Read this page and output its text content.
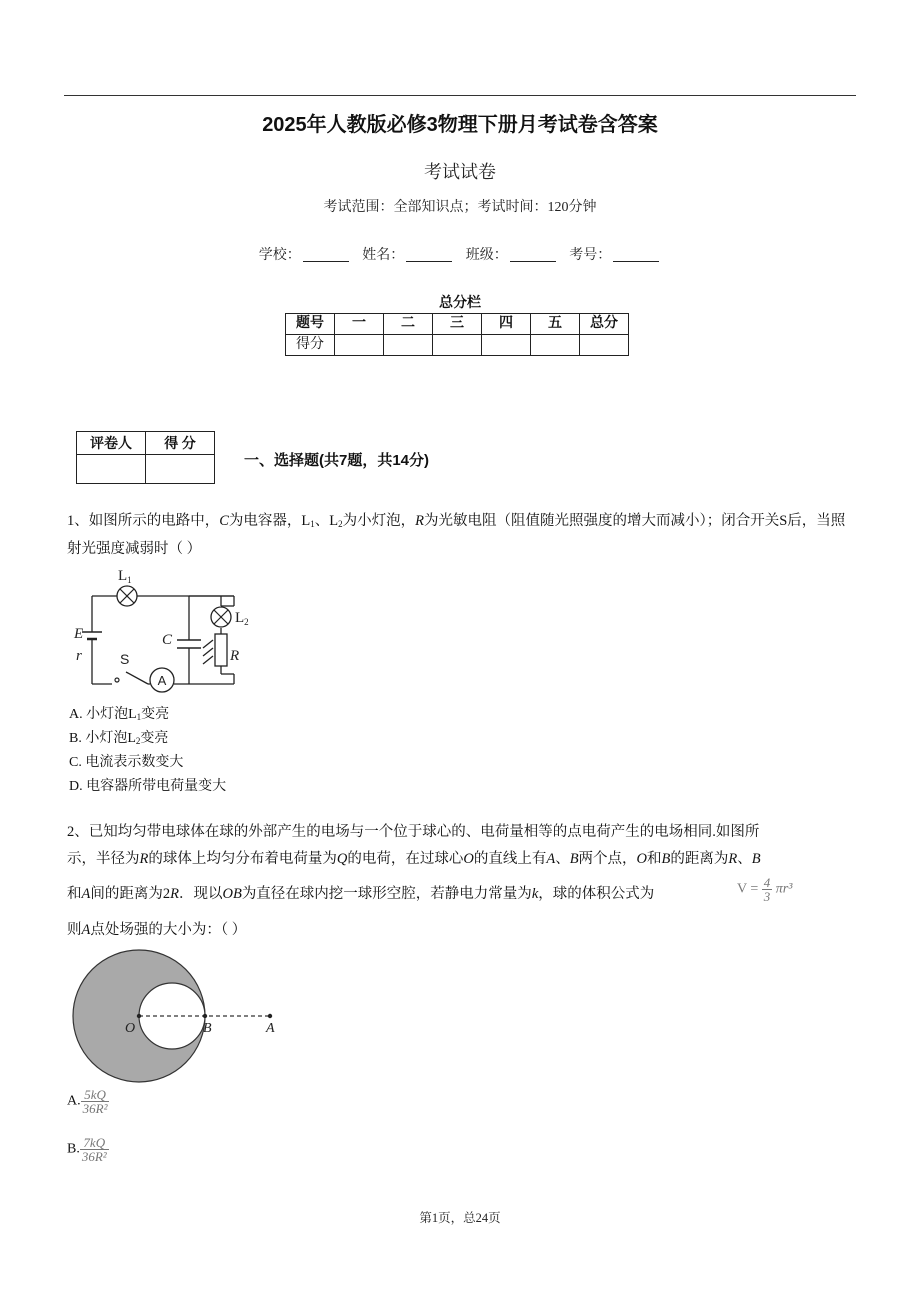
2025年人教版必修3物理下册月考试卷含答案
考试试卷
考试范围：全部知识点；考试时间：120分钟
学校：	姓名：	班级：	考号：
总分栏
题号	一	二	三	四	五	总分
得分						
评卷人	得 分

一、选择题(共7题，共14分)
1、如图所示的电路中，C为电容器，$L_1$、$L_2$为小灯泡，R为光敏电阻（阻值随光照强度的增大而减小）；闭合开关S后，当照射光强度减弱时（ ）
A
$L_1$
$L_2$
E
r	S
C
R
A. 小灯泡$L_1$变亮
B. 小灯泡$L_2$变亮
C. 电流表示数变大
D. 电容器所带电荷量变大
2、已知均匀带电球体在球的外部产生的电场与一个位于球心的、电荷量相等的点电荷产生的电场相同.如图所
示，半径为R的球体上均匀分布着电荷量为Q的电荷，在过球心O的直线上有A、B两个点，O和B的距离为R、B
和A间的距离为2R．现以OB为直径在球内挖一球形空腔，若静电力常量为k，球的体积公式为	$V = \frac{4}{3} \pi r^3$
则A点处场强的大小为：（ ）
O	B	A
A. $\frac{5kQ}{\text{36R²}}$
B. $\frac{7kQ}{\text{36R²}}$
第1页，总24页
